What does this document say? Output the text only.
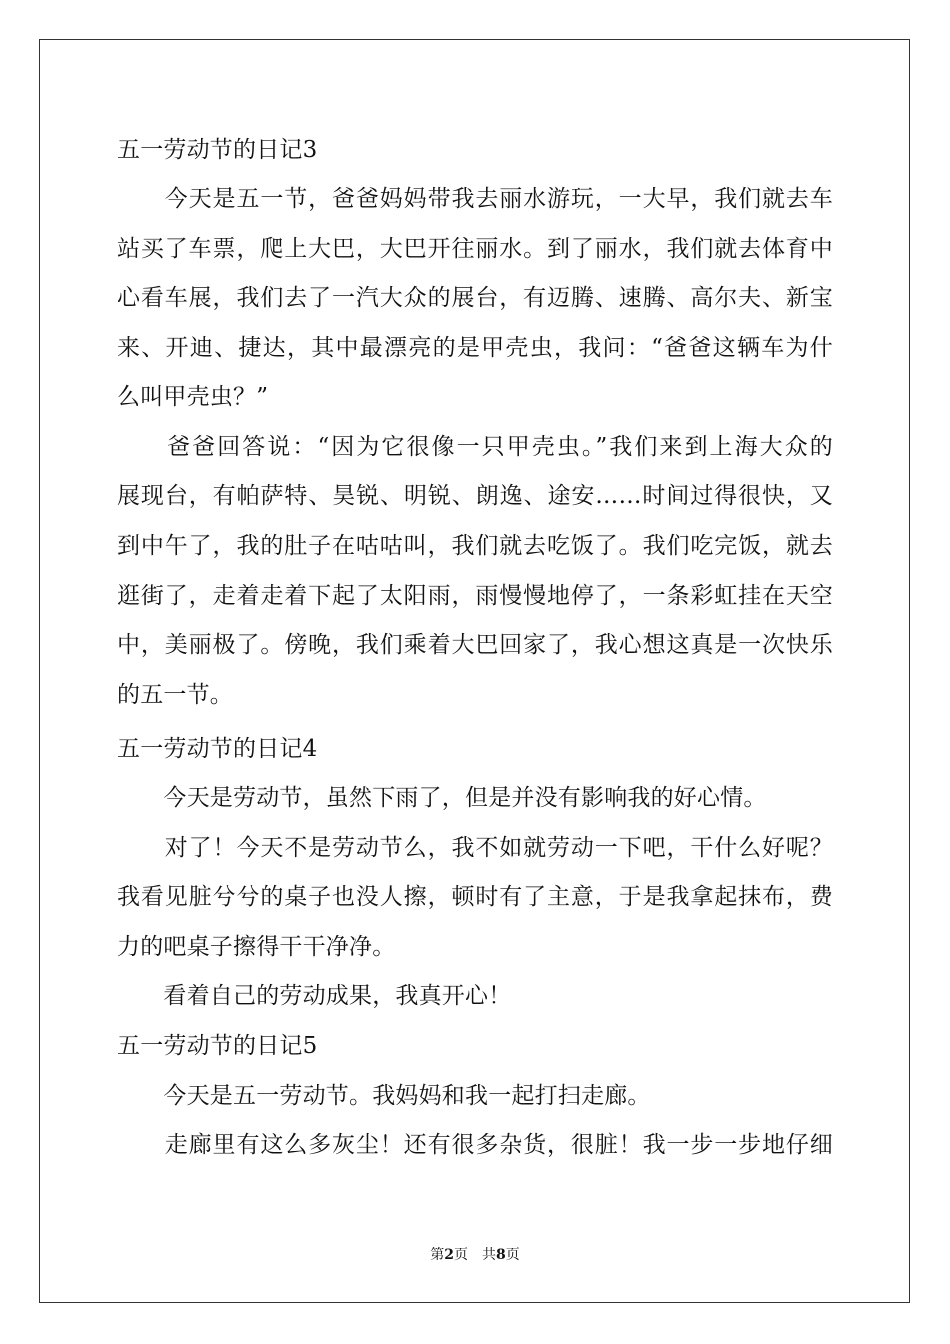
五一劳动节的日记3
　　今天是五一节，爸爸妈妈带我去丽水游玩，一大早，我们就去车
站买了车票，爬上大巴，大巴开往丽水。到了丽水，我们就去体育中
心看车展，我们去了一汽大众的展台，有迈腾、速腾、高尔夫、新宝
来、开迪、捷达，其中最漂亮的是甲壳虫，我问：“爸爸这辆车为什
么叫甲壳虫？”
　　爸爸回答说：“因为它很像一只甲壳虫。”我们来到上海大众的
展现台，有帕萨特、昊锐、明锐、朗逸、途安……时间过得很快，又
到中午了，我的肚子在咕咕叫，我们就去吃饭了。我们吃完饭，就去
逛街了，走着走着下起了太阳雨，雨慢慢地停了，一条彩虹挂在天空
中，美丽极了。傍晚，我们乘着大巴回家了，我心想这真是一次快乐
的五一节。
五一劳动节的日记4
　　今天是劳动节，虽然下雨了，但是并没有影响我的好心情。
　　对了！今天不是劳动节么，我不如就劳动一下吧，干什么好呢？
我看见脏兮兮的桌子也没人擦，顿时有了主意，于是我拿起抹布，费
力的吧桌子擦得干干净净。
　　看着自己的劳动成果，我真开心！
五一劳动节的日记5
　　今天是五一劳动节。我妈妈和我一起打扫走廊。
　　走廊里有这么多灰尘！还有很多杂货，很脏！我一步一步地仔细
第2页　共8页
